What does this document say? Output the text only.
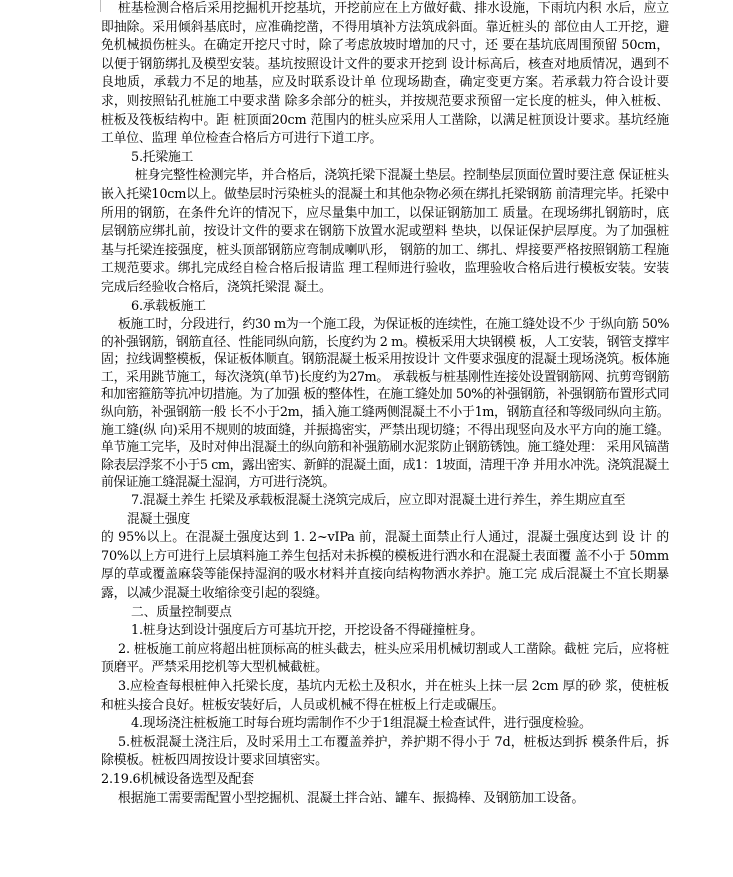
桩基检测合格后采用挖掘机开挖基坑，开挖前应在上方做好截、排水设施，下雨坑内积 水后，应立即抽除。采用倾斜基底时，应准确挖凿，不得用填补方法筑成斜面。靠近桩头的 部位由人工开挖，避免机械损伤桩头。在确定开挖尺寸时，除了考虑放坡时增加的尺寸，还 要在基坑底周围预留 50cm，以便于钢筋绑扎及模型安装。基坑按照设计文件的要求开挖到 设计标高后，核查对地质情况，遇到不良地质，承载力不足的地基，应及时联系设计单 位现场勘查，确定变更方案。若承载力符合设计要求，则按照钻孔桩施工中要求凿 除多余部分的桩头，并按规范要求预留一定长度的桩头，伸入桩板、桩板及筏板结构中。距 桩顶面20cm 范围内的桩头应采用人工凿除，以满足桩顶设计要求。基坑经施工单位、监理 单位检查合格后方可进行下道工序。

5.托梁施工

桩身完整性检测完毕，并合格后，浇筑托梁下混凝土垫层。控制垫层顶面位置时要注意 保证桩头嵌入托梁10cm以上。做垫层时污染桩头的混凝土和其他杂物必须在绑扎托梁钢筋 前清理完毕。托梁中所用的钢筋，在条件允许的情况下，应尽量集中加工，以保证钢筋加工 质量。在现场绑扎钢筋时，底层钢筋应绑扎前，按设计文件的要求在钢筋下放置水泥或塑料 垫块，以保证保护层厚度。为了加强桩基与托梁连接强度，桩头顶部钢筋应弯制成喇叭形， 钢筋的加工、绑扎、焊接要严格按照钢筋工程施工规范要求。绑扎完成经自检合格后报请监 理工程师进行验收，监理验收合格后进行模板安装。安装完成后经验收合格后，浇筑托梁混 凝土。

6.承载板施工

板施工时，分段进行，约30 m为一个施工段，为保证板的连续性，在施工缝处设不少 于纵向筋 50%的补强钢筋，钢筋直径、性能同纵向筋，长度约为 2 m。模板采用大块钢模 板，人工安装，钢管支撑牢固；拉线调整模板，保证板体顺直。钢筋混凝土板采用按设计 文件要求强度的混凝土现场浇筑。板体施工，采用跳节施工，每次浇筑(单节)长度约为27m。 承载板与桩基刚性连接处设置钢筋网、抗剪弯钢筋和加密箍筋等抗冲切措施。为了加强 板的整体性，在施工缝处加 50%的补强钢筋，补强钢筋布置形式同纵向筋，补强钢筋一般 长不小于2m，插入施工缝两侧混凝土不小于1m，钢筋直径和等级同纵向主筋。施工缝(纵 向)采用不规则的坡面缝，并振捣密实，严禁出现切缝；不得出现竖向及水平方向的施工缝。 单节施工完毕，及时对伸出混凝土的纵向筋和补强筋刷水泥浆防止钢筋锈蚀。施工缝处理： 采用风镐凿除表层浮浆不小于5 cm，露出密实、新鲜的混凝土面，成1：1坡面，清理干净 并用水冲洗。浇筑混凝土前保证施工缝混凝土湿润，方可进行浇筑。

7.混凝土养生 托梁及承载板混凝土浇筑完成后，应立即对混凝土进行养生，养生期应直至

混凝土强度

的 95%以上。在混凝土强度达到 1. 2~vIPa 前，混凝土面禁止行人通过，混凝土强度达到 设 计 的 70%以上方可进行上层填料施工养生包括对未拆模的模板进行洒水和在混凝土表面覆 盖不小于 50mm 厚的草或覆盖麻袋等能保持湿润的吸水材料并直接向结构物洒水养护。施工完 成后混凝土不宜长期暴露，以减少混凝土收缩徐变引起的裂缝。

二、质量控制要点

1.桩身达到设计强度后方可基坑开挖，开挖设备不得碰撞桩身。

2. 桩板施工前应将超出桩顶标高的桩头截去，桩头应采用机械切割或人工凿除。截桩 完后，应将桩顶磨平。严禁采用挖机等大型机械截桩。

3.应检查每根桩伸入托梁长度，基坑内无松土及积水，并在桩头上抹一层 2cm 厚的砂 浆，使桩板和桩头接合良好。桩板安装好后，人员或机械不得在桩板上行走或碾压。

4.现场浇注桩板施工时每台班均需制作不少于1组混凝土检查试件，进行强度检验。

5.桩板混凝土浇注后，及时采用土工布覆盖养护，养护期不得小于 7d，桩板达到拆 模条件后，拆除模板。桩板四周按设计要求回填密实。

2.19.6机械设备选型及配套

根据施工需要需配置小型挖掘机、混凝土拌合站、罐车、振捣棒、及钢筋加工设备。
